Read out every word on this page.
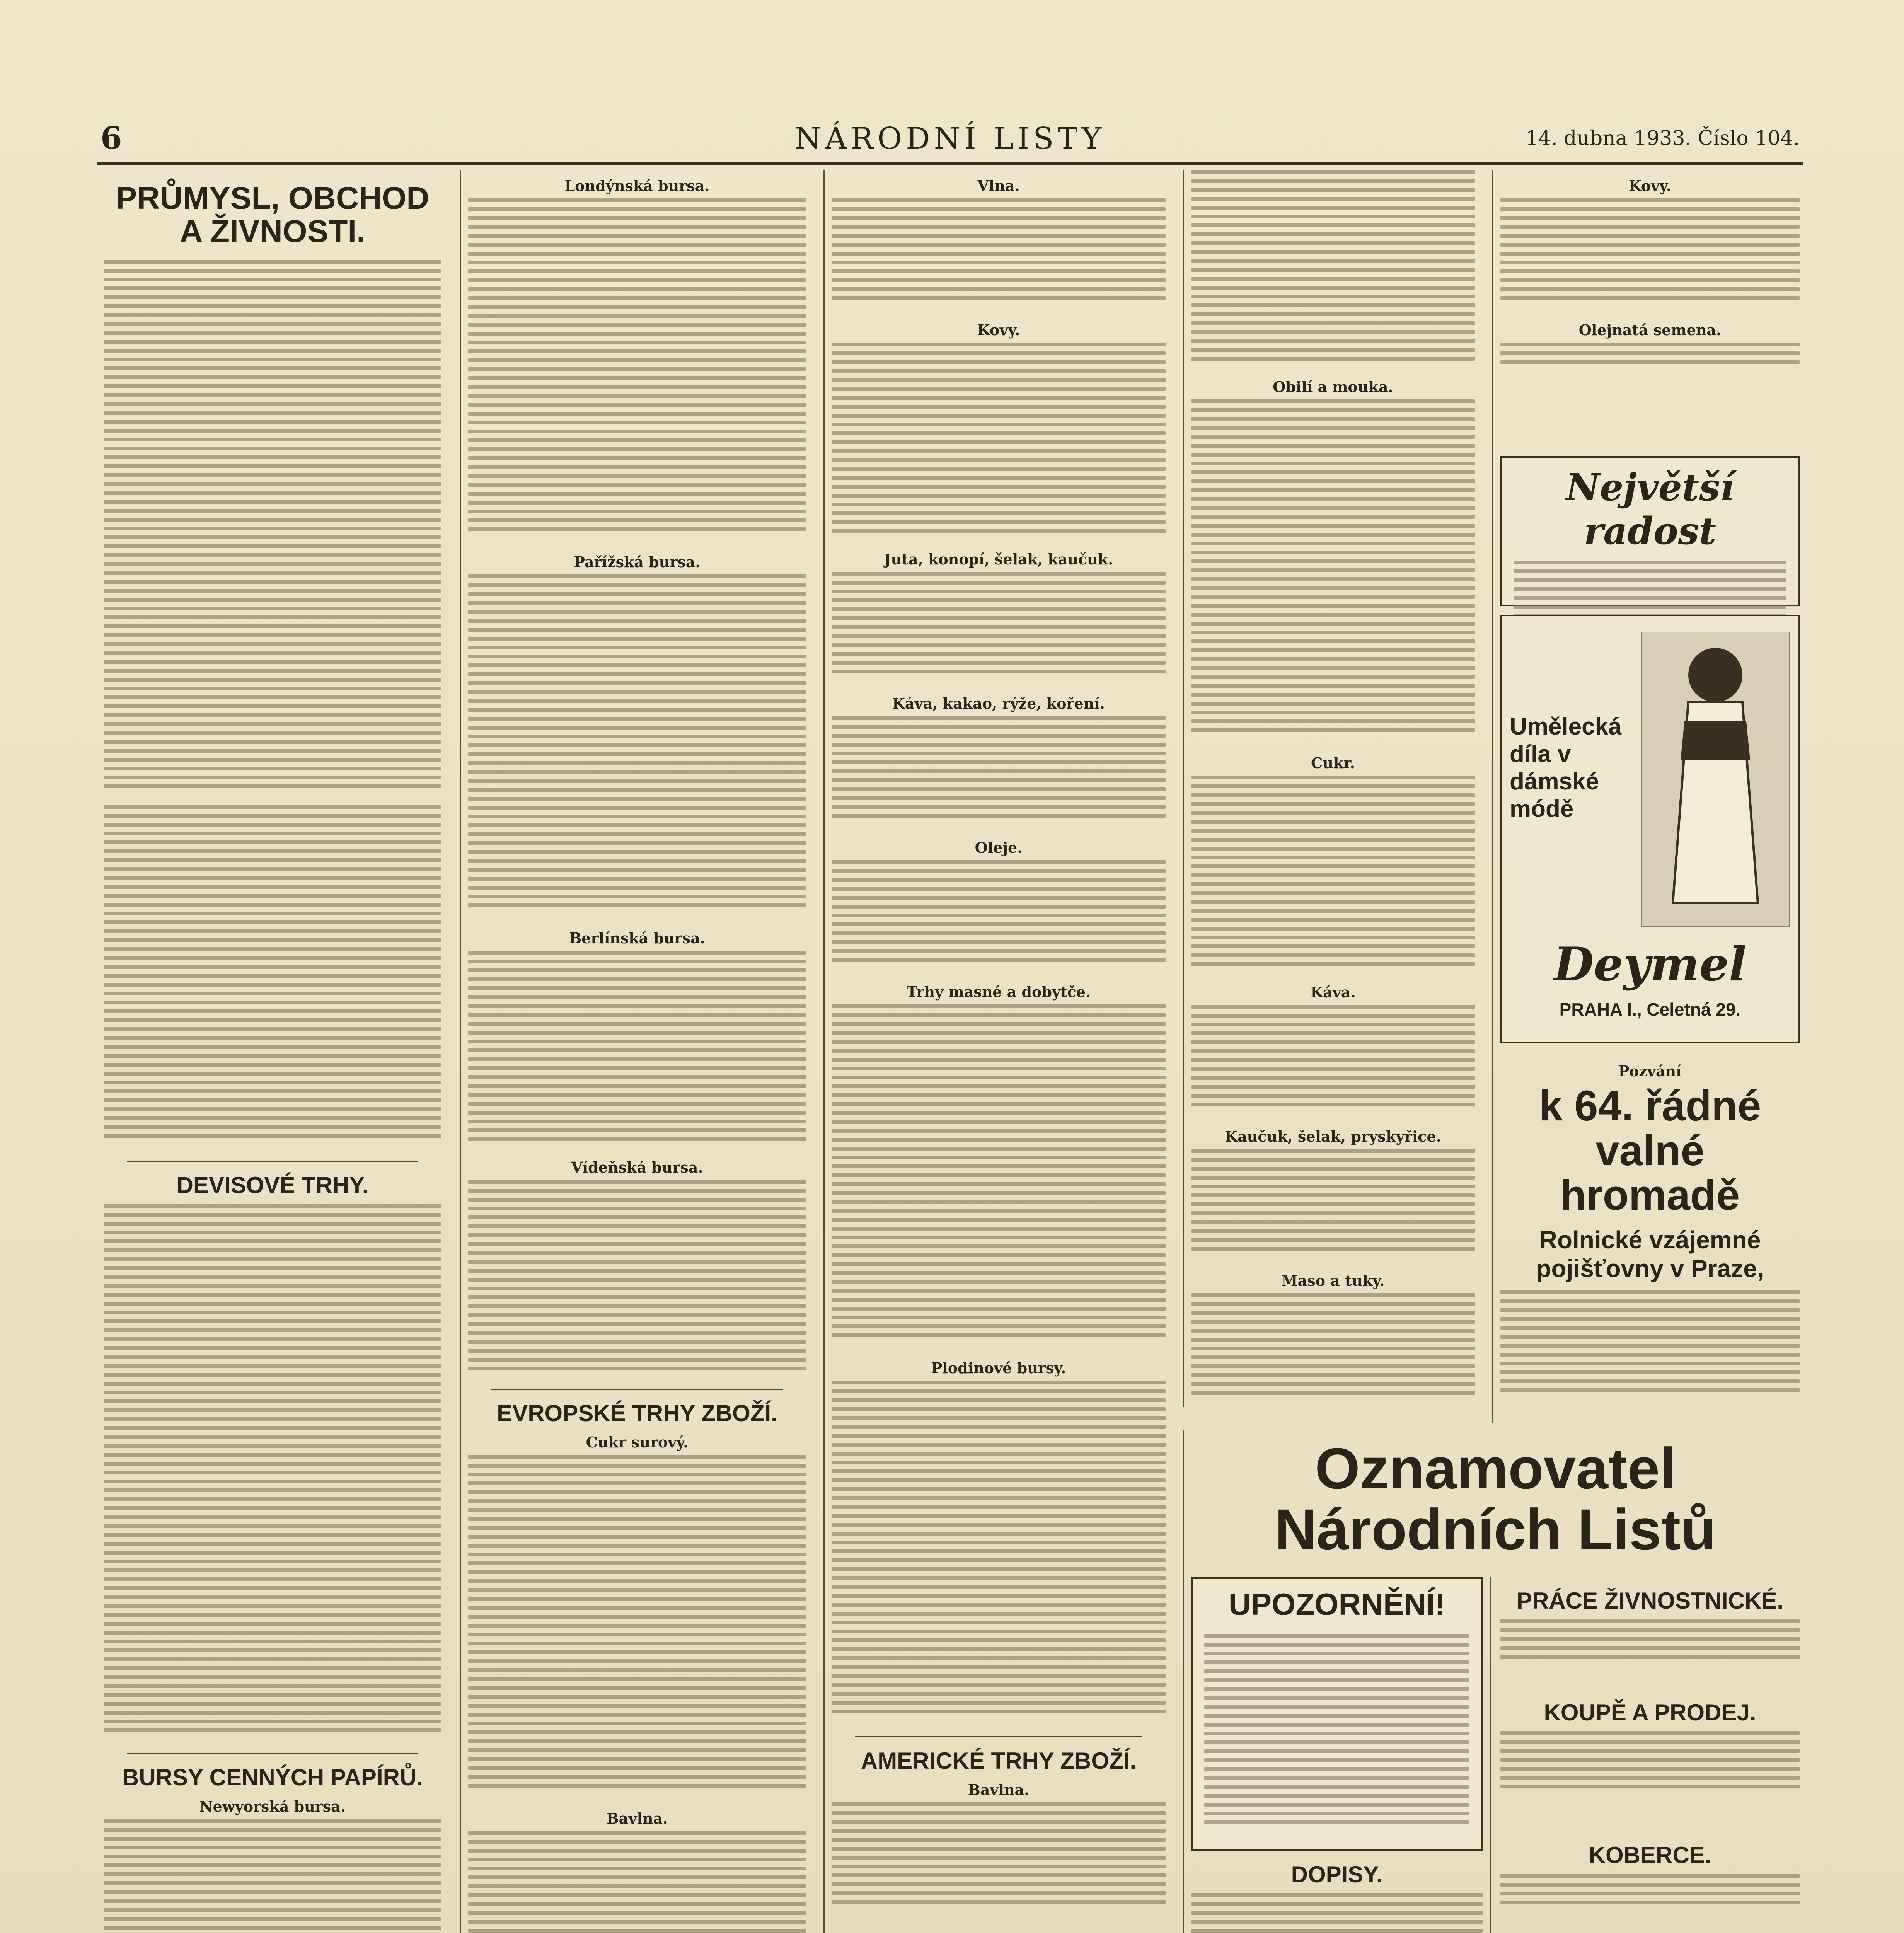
6	NÁRODNÍ LISTY	14. dubna 1933. Číslo 104.
PRŮMYSL, OBCHOD A ŽIVNOSTI.
DEVISOVÉ TRHY.
BURSY CENNÝCH PAPÍRŮ.
Newyorská bursa.
Londýnská bursa.
Pařížská bursa.
Berlínská bursa.
Vídeňská bursa.
EVROPSKÉ TRHY ZBOŽÍ.
Cukr surový.
Bavlna.
Vlna.
Kovy.
Juta, konopí, šelak, kaučuk.
Káva, kakao, rýže, koření.
Oleje.
Trhy masné a dobytče.
Plodinové bursy.
AMERICKÉ TRHY ZBOŽÍ.
Bavlna.
Obilí a mouka.
Cukr.
Káva.
Kaučuk, šelak, pryskyřice.
Maso a tuky.
Kovy.
Olejnatá semena.
Největší radost
Umělecká díla v dámské módě
Deymel
PRAHA I., Celetná 29.
Pozvání
k 64. řádné valné hromadě
Rolnické vzájemné pojišťovny v Praze,
Oznamovatel Národních Listů
UPOZORNĚNÍ!
DOPISY.
PRÁCE ŽIVNOSTNICKÉ.
KOUPĚ A PRODEJ.
KOBERCE.
